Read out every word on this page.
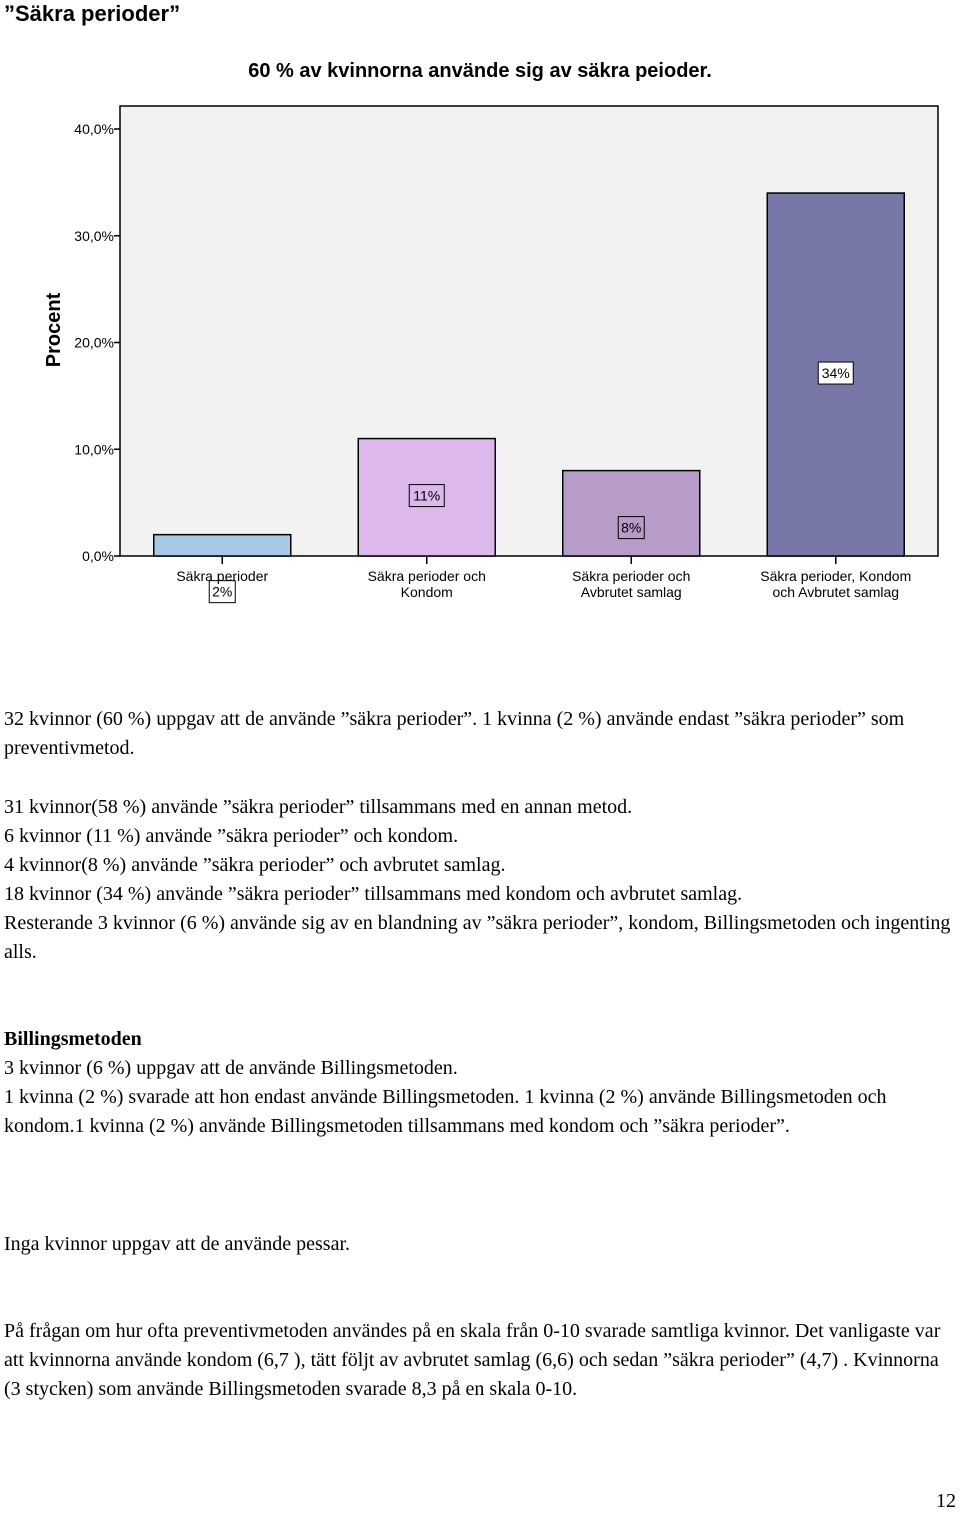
”Säkra perioder”
60 % av kvinnorna använde sig av säkra peioder.
0,0%
10,0%
20,0%
30,0%
40,0%
Procent
2%
Säkra perioder
11%
Säkra perioder och
Kondom
8%
Säkra perioder och
Avbrutet samlag
34%
Säkra perioder, Kondom
och Avbrutet samlag

32 kvinnor (60 %) uppgav att de använde ”säkra perioder”. 1 kvinna (2 %) använde endast ”säkra perioder” som preventivmetod.

31 kvinnor(58 %) använde ”säkra perioder” tillsammans med en annan metod.

6 kvinnor (11 %) använde ”säkra perioder” och kondom.

4 kvinnor(8 %) använde ”säkra perioder” och avbrutet samlag.

18 kvinnor (34 %) använde ”säkra perioder” tillsammans med kondom och avbrutet samlag.

Resterande 3 kvinnor (6 %) använde sig av en blandning av ”säkra perioder”, kondom, Billingsmetoden och ingenting alls.

Billingsmetoden

3 kvinnor (6 %) uppgav att de använde Billingsmetoden.

1 kvinna (2 %) svarade att hon endast använde Billingsmetoden. 1 kvinna (2 %) använde Billingsmetoden och kondom.1 kvinna (2 %) använde Billingsmetoden tillsammans med kondom och ”säkra perioder”.

Inga kvinnor uppgav att de använde pessar.

På frågan om hur ofta preventivmetoden användes på en skala från 0-10 svarade samtliga kvinnor. Det vanligaste var att kvinnorna använde kondom (6,7 ), tätt följt av avbrutet samlag (6,6) och sedan ”säkra perioder” (4,7) . Kvinnorna (3 stycken) som använde Billingsmetoden svarade 8,3 på en skala 0-10.

12
